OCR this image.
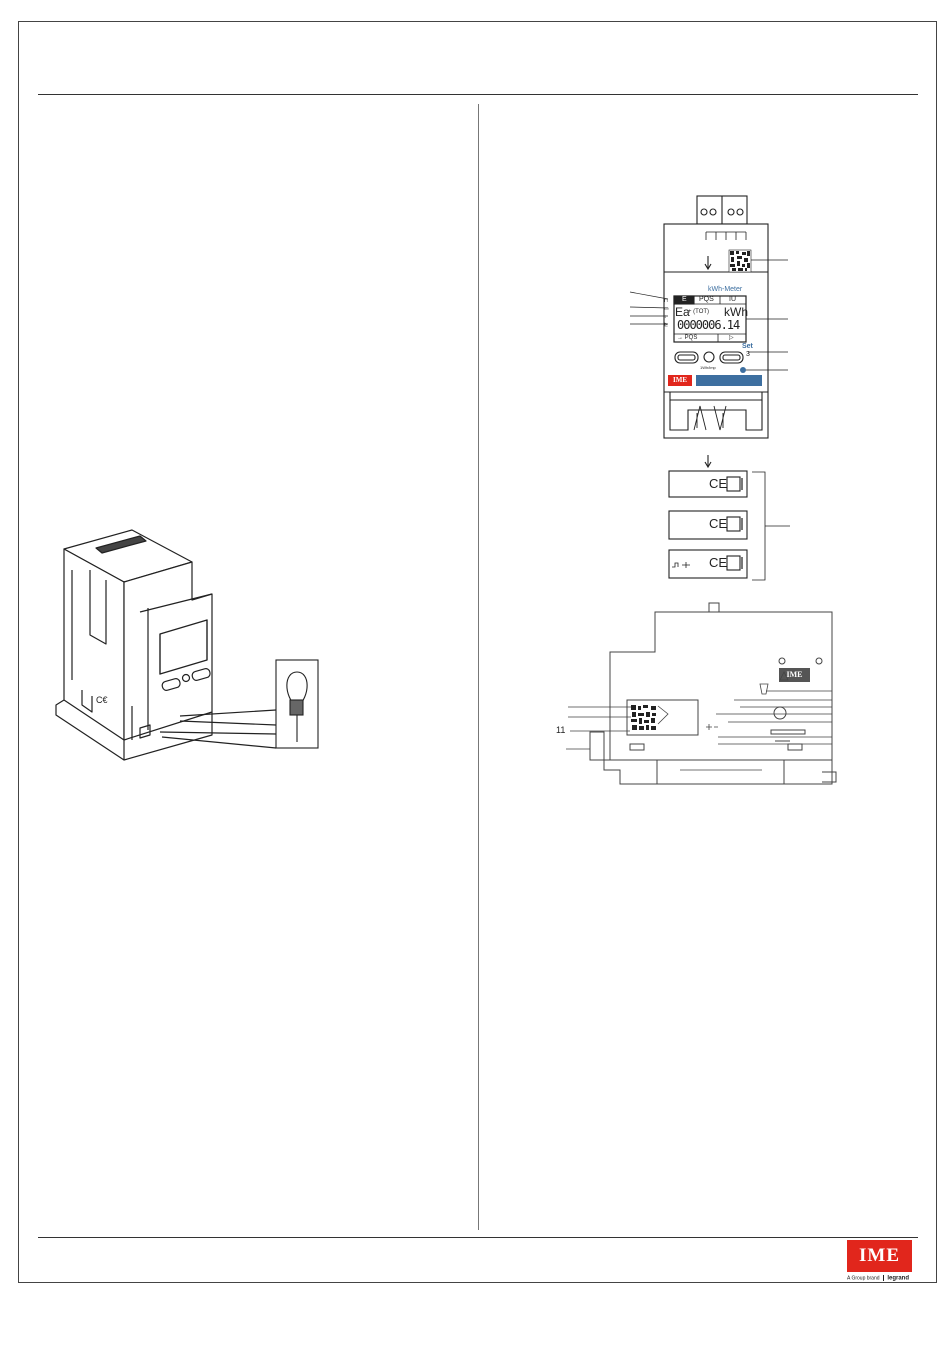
C€
⊓
▭
↓
⊵
E PQS IU
Ea
+ (TOT) kWh
0000006.14
→ PQS	▷
kWh-Meter
Set
3
1Wh/imp
IME
CE
CE
CE
IME
11
IME
A Group brand legrand
